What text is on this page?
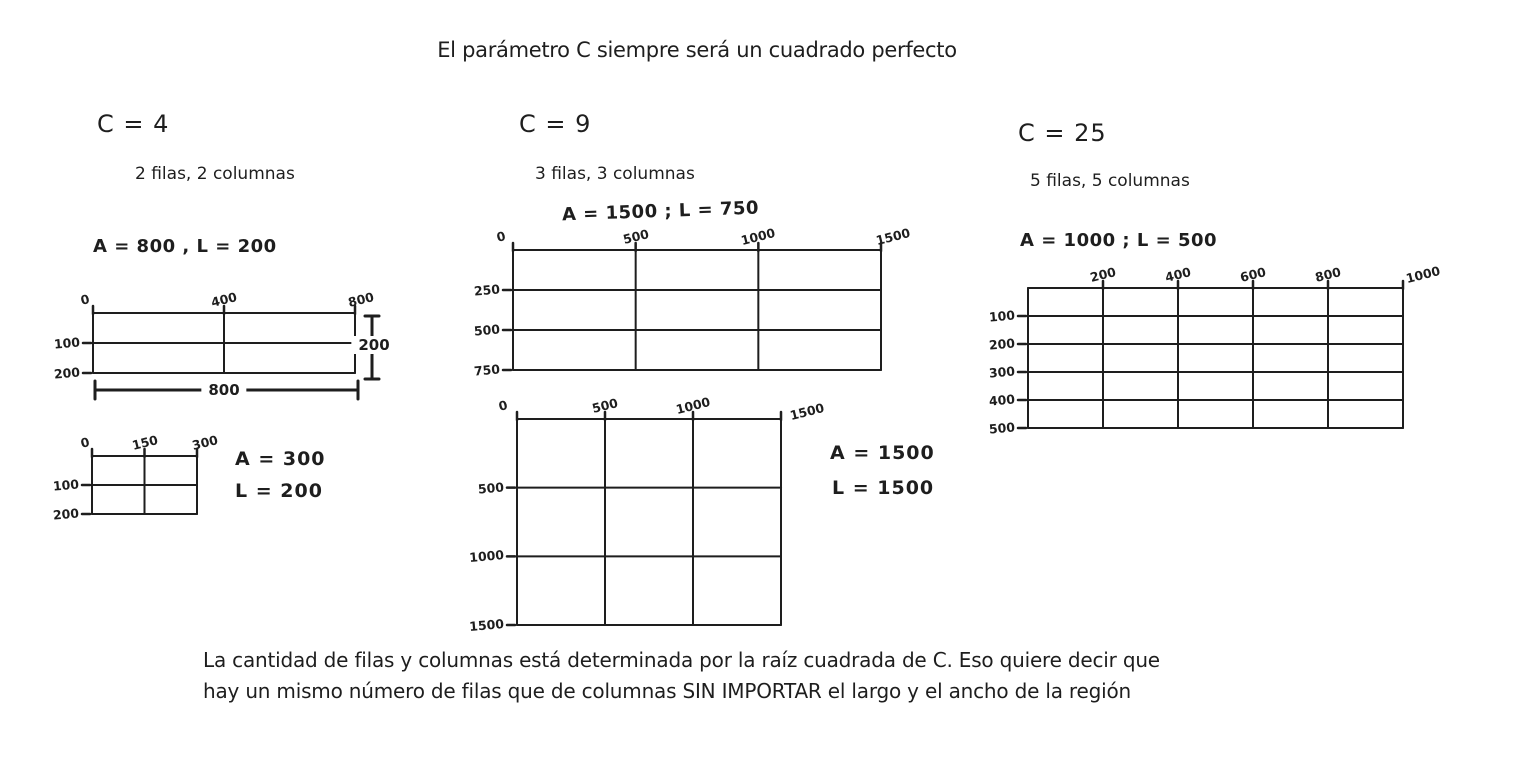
El parámetro C siempre será un cuadrado perfecto
C = 4
2 filas, 2 columnas
A = 800 , L = 200
A = 300
L = 200
C = 9
3 filas, 3 columnas
A = 1500 ; L = 750
A = 1500
L = 1500
C = 25
5 filas, 5 columnas
A = 1000 ; L = 500
La cantidad de filas y columnas está determinada por la raíz cuadrada de C. Eso quiere decir que
hay un mismo número de filas que de columnas SIN IMPORTAR el largo y el ancho de la región
0	400	800
100
200
800
200
0	150	300
100
200
0	500	1000	1500
250
500
750
0	500	1000	1500
500
1000
1500
200	400	600	800	1000
100
200
300
400
500
